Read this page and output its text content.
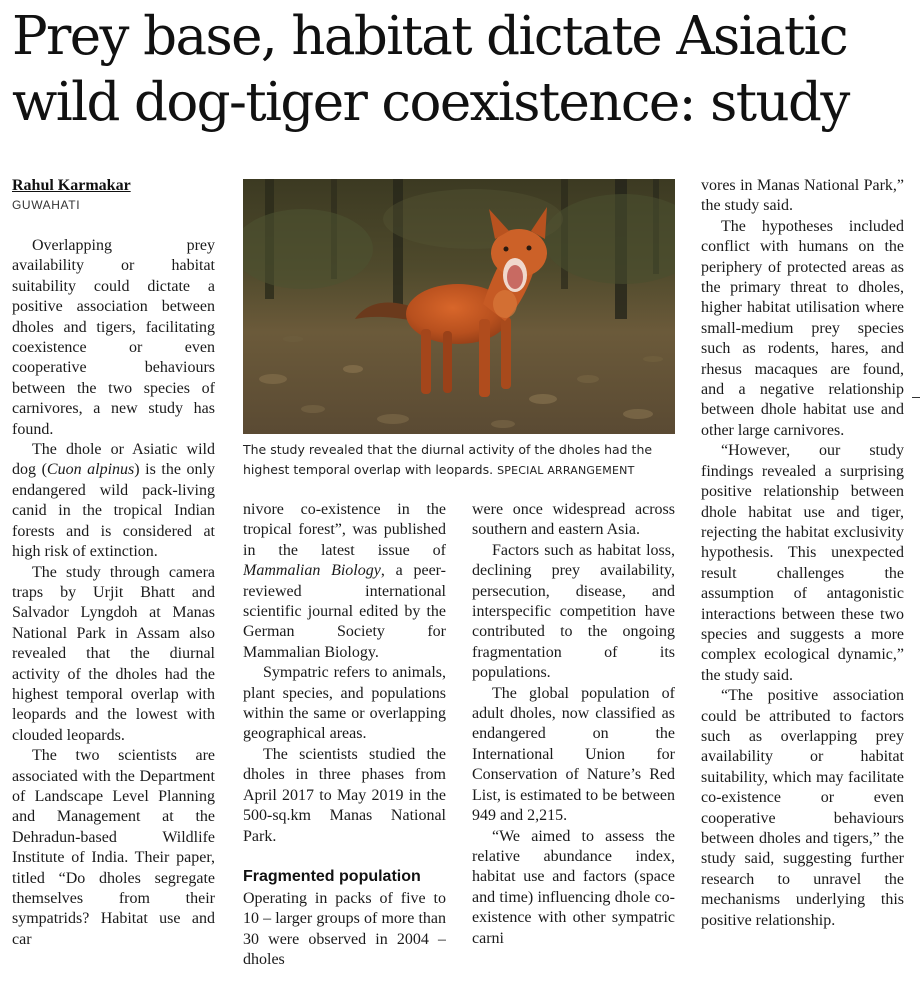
Prey base, habitat dictate Asiatic wild dog-tiger coexistence: study
Rahul Karmakar
GUWAHATI
The study revealed that the diurnal activity of the dholes had the highest temporal overlap with leopards. SPECIAL ARRANGEMENT

Overlapping prey availability or habitat suitability could dictate a positive association between dholes and tigers, facilitating coexistence or even cooperative behaviours between the two species of carnivores, a new study has found.

The dhole or Asiatic wild dog (Cuon alpinus) is the only endangered wild pack-living canid in the tropical Indian forests and is considered at high risk of extinction.

The study through camera traps by Urjit Bhatt and Salvador Lyngdoh at Manas National Park in Assam also revealed that the diurnal activity of the dholes had the highest temporal overlap with leopards and the lowest with clouded leopards.

The two scientists are associated with the Department of Landscape Level Planning and Management at the Dehradun-based Wildlife Institute of India. Their paper, titled “Do dholes segregate themselves from their sympatrids? Habitat use and car

nivore co-existence in the tropical forest”, was published in the latest issue of Mammalian Biology, a peer-reviewed international scientific journal edited by the German Society for Mammalian Biology.

Sympatric refers to animals, plant species, and populations within the same or overlapping geographical areas.

The scientists studied the dholes in three phases from April 2017 to May 2019 in the 500-sq.km Manas National Park.

Fragmented population

Operating in packs of five to 10 – larger groups of more than 30 were observed in 2004 – dholes

were once widespread across southern and eastern Asia.

Factors such as habitat loss, declining prey availability, persecution, disease, and interspecific competition have contributed to the ongoing fragmentation of its populations.

The global population of adult dholes, now classified as endangered on the International Union for Conservation of Nature’s Red List, is estimated to be between 949 and 2,215.

“We aimed to assess the relative abundance index, habitat use and factors (space and time) influencing dhole co-existence with other sympatric carni

vores in Manas National Park,” the study said.

The hypotheses included conflict with humans on the periphery of protected areas as the primary threat to dholes, higher habitat utilisation where small-medium prey species such as rodents, hares, and rhesus macaques are found, and a negative relationship between dhole habitat use and other large carnivores.

“However, our study findings revealed a surprising positive relationship between dhole habitat use and tiger, rejecting the habitat exclusivity hypothesis. This unexpected result challenges the assumption of antagonistic interactions between these two species and suggests a more complex ecological dynamic,” the study said.

“The positive association could be attributed to factors such as overlapping prey availability or habitat suitability, which may facilitate co-existence or even cooperative behaviours between dholes and tigers,” the study said, suggesting further research to unravel the mechanisms underlying this positive relationship.
